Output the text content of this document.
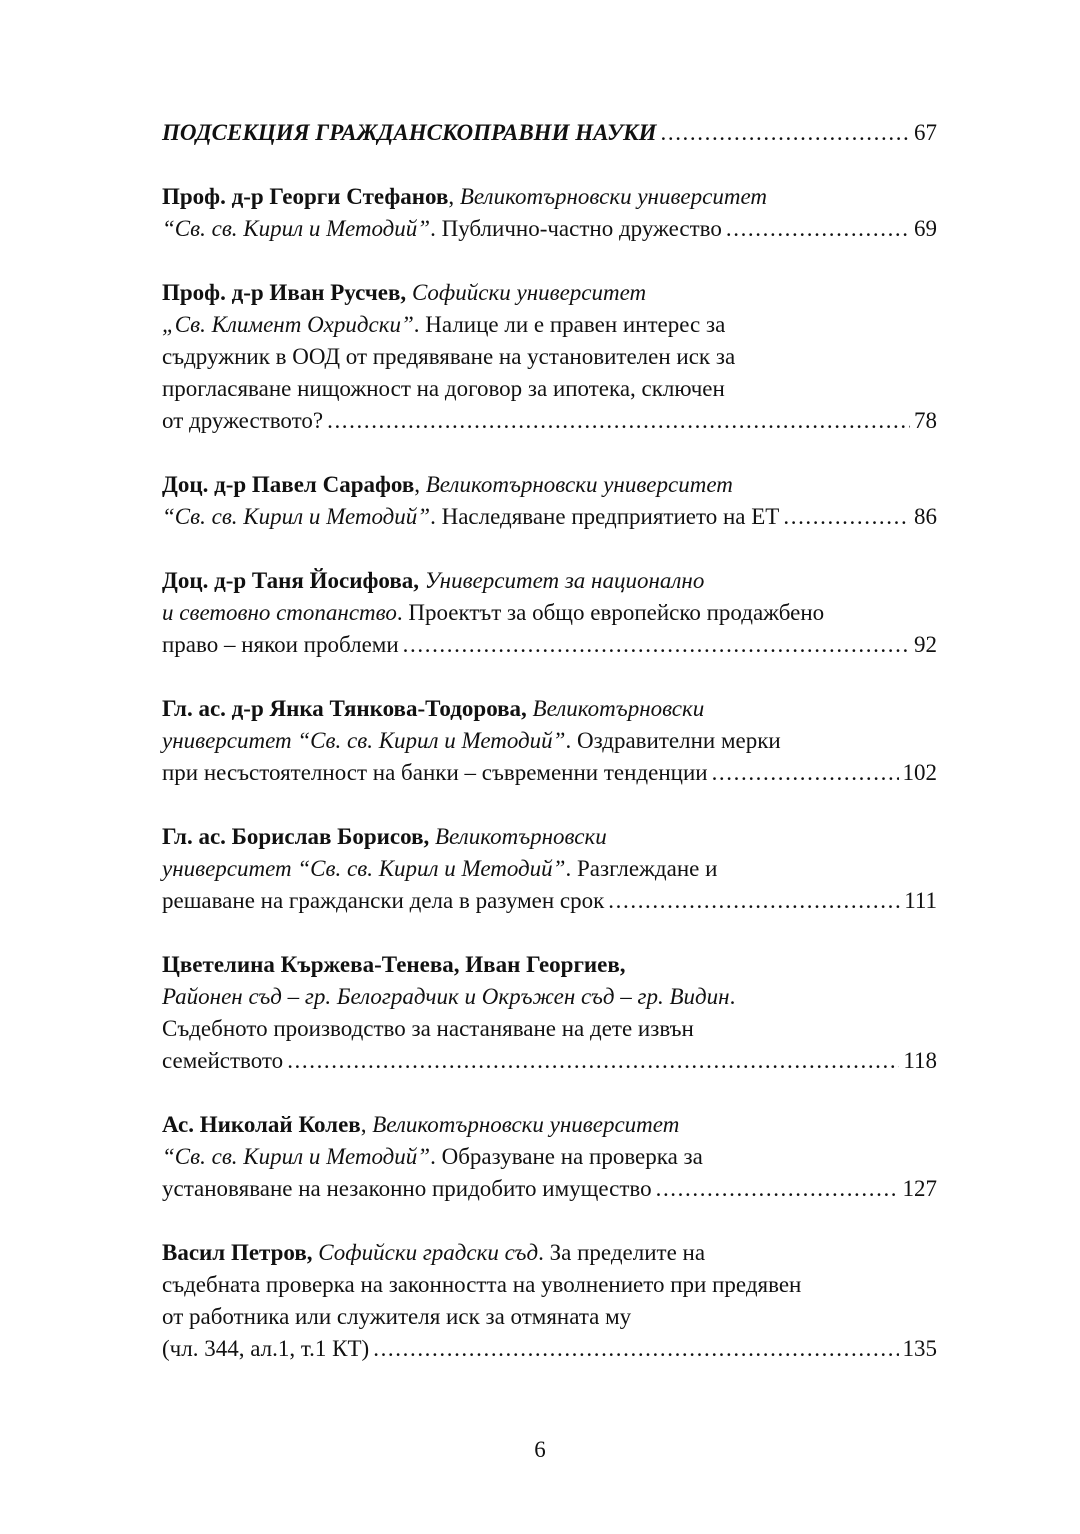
ПОДСЕКЦИЯ ГРАЖДАНСКОПРАВНИ НАУКИ .....	67
Проф. д-р Георги Стефанов, Великотърновски университет
“Св. св. Кирил и Методий”. Публично-частно дружество .....	69
Проф. д-р Иван Русчев, Софийски университет
„Св. Климент Охридски”. Налице ли е правен интерес за
съдружник в ООД от предявяване на установителен иск за
прогласяване нищожност на договор за ипотека, сключен
от дружеството? .....	78
Доц. д-р Павел Сарафов, Великотърновски университет
“Св. св. Кирил и Методий”. Наследяване предприятието на ЕТ .....	86
Доц. д-р Таня Йосифова, Университет за национално
и световно стопанство. Проектът за общо европейско продажбено
право – някои проблеми .....	92
Гл. ас. д-р Янка Тянкова-Тодорова, Великотърновски
университет “Св. св. Кирил и Методий”. Оздравителни мерки
при несъстоятелност на банки – съвременни тенденции .....	102
Гл. ас. Борислав Борисов, Великотърновски
университет “Св. св. Кирил и Методий”. Разглеждане и
решаване на граждански дела в разумен срок .....	111
Цветелина Кържева-Тенева, Иван Георгиев,
Районен съд – гр. Белоградчик и Окръжен съд – гр. Видин.
Съдебното производство за настаняване на дете извън
семейството .....	118
Ас. Николай Колев, Великотърновски университет
“Св. св. Кирил и Методий”. Образуване на проверка за
установяване на незаконно придобито имущество .....	127
Васил Петров, Софийски градски съд. За пределите на
съдебната проверка на законността на уволнението при предявен
от работника или служителя иск за отмяната му
(чл. 344, ал.1, т.1 КТ) .....	135
6
